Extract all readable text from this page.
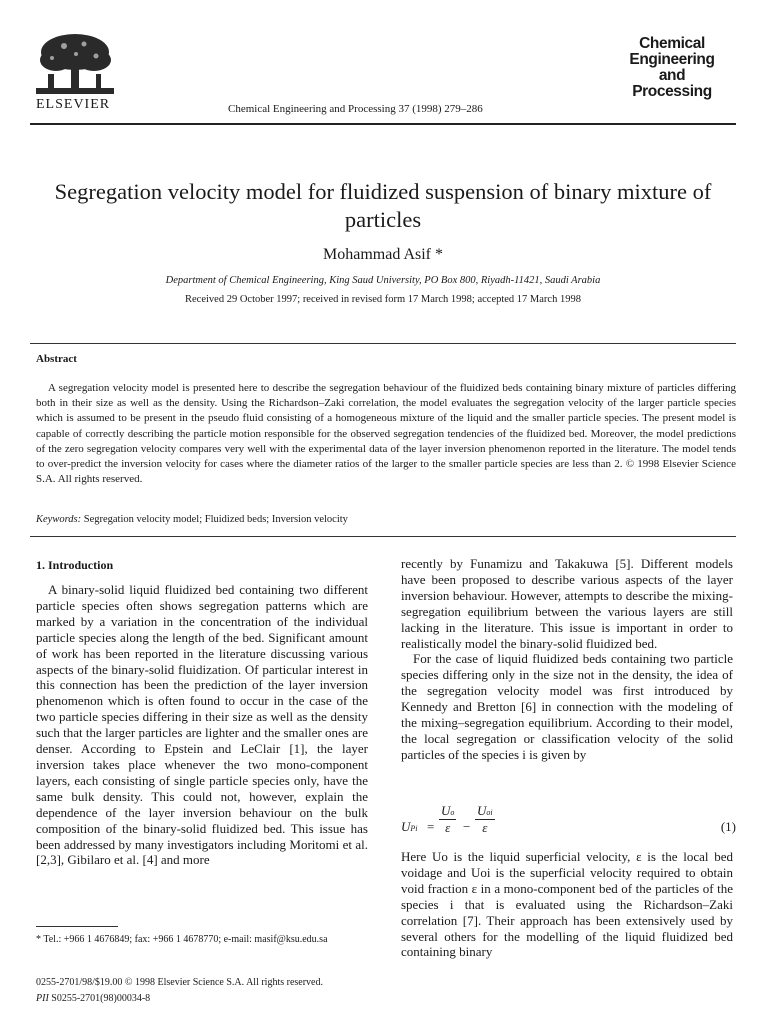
ELSEVIER	Chemical Engineering and Processing 37 (1998) 279–286
Chemical
Engineering
and
Processing
Segregation velocity model for fluidized suspension of binary mixture of particles
Mohammad Asif *
Department of Chemical Engineering, King Saud University, PO Box 800, Riyadh-11421, Saudi Arabia
Received 29 October 1997; received in revised form 17 March 1998; accepted 17 March 1998
Abstract
A segregation velocity model is presented here to describe the segregation behaviour of the fluidized beds containing binary mixture of particles differing both in their size as well as the density. Using the Richardson–Zaki correlation, the model evaluates the segregation velocity of the larger particle species which is assumed to be present in the pseudo fluid consisting of a homogeneous mixture of the liquid and the smaller particle species. The present model is capable of correctly describing the particle motion responsible for the observed segregation tendencies of the fluidized bed. Moreover, the model predictions of the zero segregation velocity compares very well with the experimental data of the layer inversion phenomenon reported in the literature. The model tends to over-predict the inversion velocity for cases where the diameter ratios of the larger to the smaller particle species are less than 2. © 1998 Elsevier Science S.A. All rights reserved.
Keywords: Segregation velocity model; Fluidized beds; Inversion velocity
1. Introduction

A binary-solid liquid fluidized bed containing two different particle species often shows segregation patterns which are marked by a variation in the concentration of the individual particle species along the length of the bed. Significant amount of work has been reported in the literature discussing various aspects of the binary-solid fluidization. Of particular interest in this connection has been the prediction of the layer inversion phenomenon which is often found to occur in the case of the two particle species differing in their size as well as the density such that the larger particles are lighter and the smaller ones are denser. According to Epstein and LeClair [1], the layer inversion takes place whenever the two mono-component layers, each consisting of single particle species only, have the same bulk density. This could not, however, explain the dependence of the layer inversion behaviour on the bulk composition of the binary-solid fluidized bed. This issue has been addressed by many investigators including Moritomi et al. [2,3], Gibilaro et al. [4] and more

recently by Funamizu and Takakuwa [5]. Different models have been proposed to describe various aspects of the layer inversion behaviour. However, attempts to describe the mixing-segregation equilibrium between the various layers are still lacking in the literature. This issue is important in order to realistically model the binary-solid fluidized bed.

For the case of liquid fluidized beds containing two particle species differing only in the size not in the density, the idea of the segregation velocity model was first introduced by Kennedy and Bretton [6] in connection with the modeling of the mixing–segregation equilibrium. According to their model, the local segregation or classification velocity of the solid particles of the species i is given by

UPi = $\frac{Uo}{\varepsilon}$ −
Uoi
ε	(1)

Here Uo is the liquid superficial velocity, ε is the local bed voidage and Uoi is the superficial velocity required to obtain void fraction ε in a mono-component bed of the particles of the species i that is evaluated using the Richardson–Zaki correlation [7]. Their approach has been extensively used by several others for the modelling of the liquid fluidized bed containing binary

* Tel.: +966 1 4676849; fax: +966 1 4678770; e-mail: masif@ksu.edu.sa
0255-2701/98/$19.00 © 1998 Elsevier Science S.A. All rights reserved.
PII S0255-2701(98)00034-8
